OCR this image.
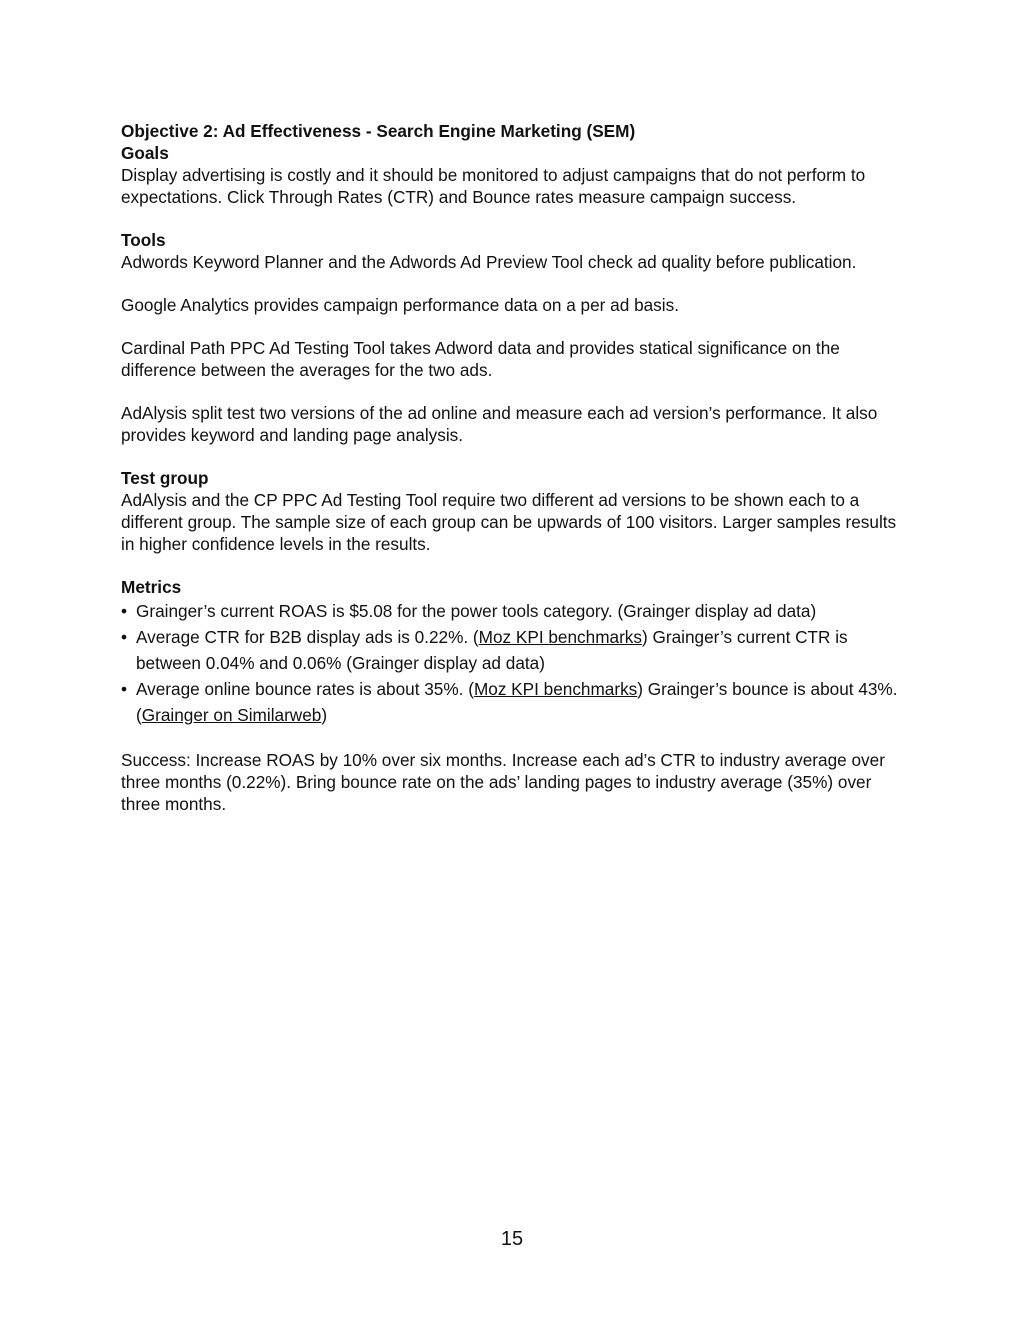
Objective 2: Ad Effectiveness - Search Engine Marketing (SEM)

Goals

Display advertising is costly and it should be monitored to adjust campaigns that do not perform to expectations. Click Through Rates (CTR) and Bounce rates measure campaign success.

Tools

Adwords Keyword Planner and the Adwords Ad Preview Tool check ad quality before publication.

Google Analytics provides campaign performance data on a per ad basis.

Cardinal Path PPC Ad Testing Tool takes Adword data and provides statical significance on the difference between the averages for the two ads.

AdAlysis split test two versions of the ad online and measure each ad version’s performance. It also provides keyword and landing page analysis.

Test group

AdAlysis and the CP PPC Ad Testing Tool require two different ad versions to be shown each to a different group. The sample size of each group can be upwards of 100 visitors. Larger samples results in higher confidence levels in the results.

Metrics

• Grainger’s current ROAS is $5.08 for the power tools category. (Grainger display ad data)
• Average CTR for B2B display ads is 0.22%. (Moz KPI benchmarks) Grainger’s current CTR is between 0.04% and 0.06% (Grainger display ad data)
• Average online bounce rates is about 35%. (Moz KPI benchmarks) Grainger’s bounce is about 43%. (Grainger on Similarweb)

Success: Increase ROAS by 10% over six months. Increase each ad’s CTR to industry average over three months (0.22%). Bring bounce rate on the ads’ landing pages to industry average (35%) over three months.

15
